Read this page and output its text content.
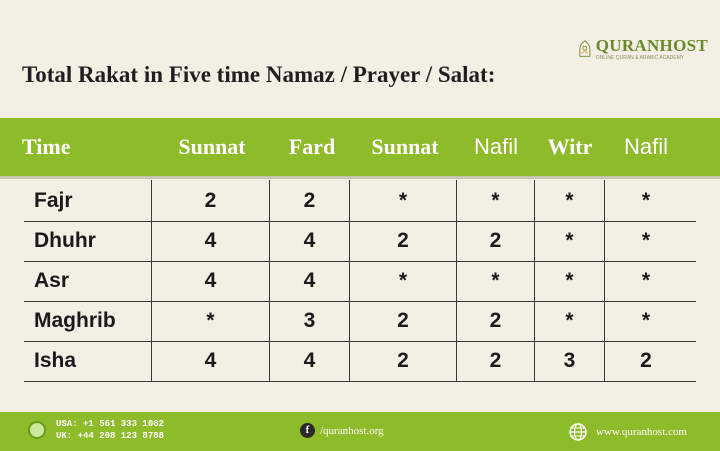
Total Rakat in Five time Namaz / Prayer / Salat:
QURANHOST
ONLINE QURAN & ARABIC ACADEMY
Time	Sunnat	Fard	Sunnat	Nafil	Witr	Nafil
Fajr	2	2	*	*	*	*
Dhuhr	4	4	2	2	*	*
Asr	4	4	*	*	*	*
Maghrib	*	3	2	2	*	*
Isha	4	4	2	2	3	2
USA: +1 561 333 1082
UK: +44 208 123 8788	f /quranhost.org	www.quranhost.com
